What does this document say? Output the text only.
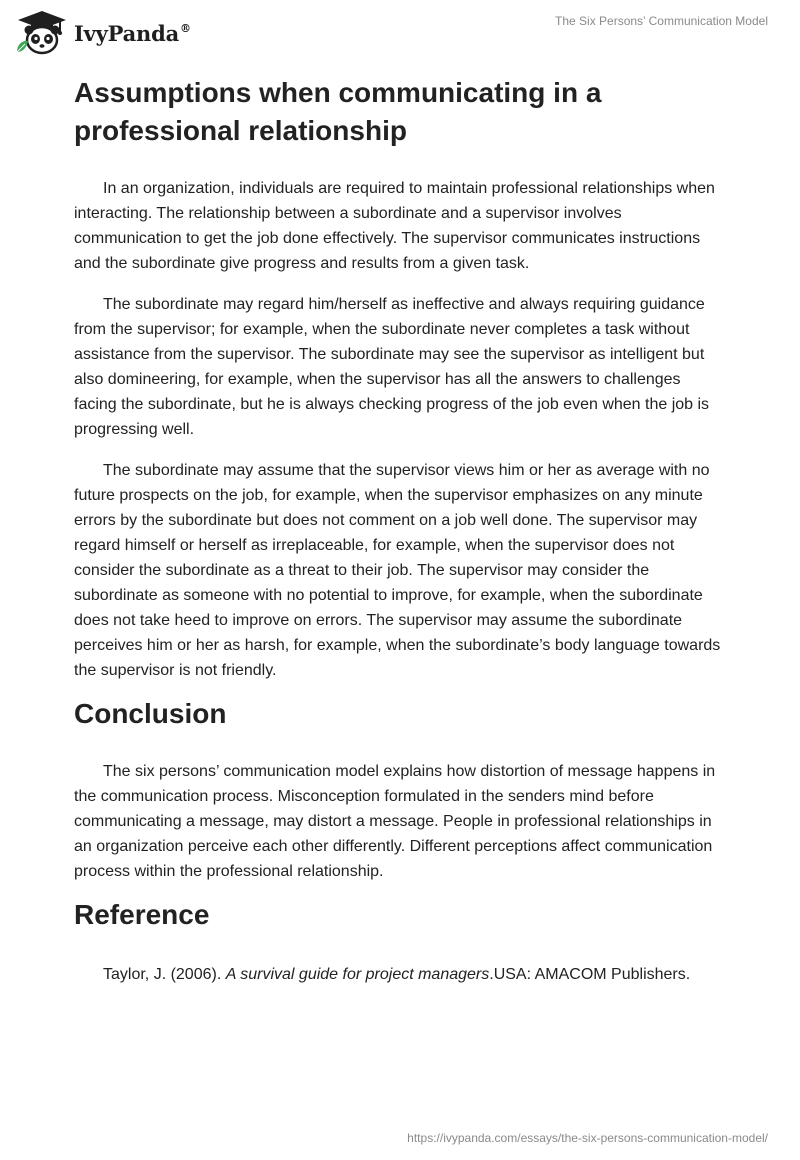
IvyPanda®	The Six Persons’ Communication Model
Assumptions when communicating in a professional relationship

In an organization, individuals are required to maintain professional relationships when interacting. The relationship between a subordinate and a supervisor involves communication to get the job done effectively. The supervisor communicates instructions and the subordinate give progress and results from a given task.

The subordinate may regard him/herself as ineffective and always requiring guidance from the supervisor; for example, when the subordinate never completes a task without assistance from the supervisor. The subordinate may see the supervisor as intelligent but also domineering, for example, when the supervisor has all the answers to challenges facing the subordinate, but he is always checking progress of the job even when the job is progressing well.

The subordinate may assume that the supervisor views him or her as average with no future prospects on the job, for example, when the supervisor emphasizes on any minute errors by the subordinate but does not comment on a job well done. The supervisor may regard himself or herself as irreplaceable, for example, when the supervisor does not consider the subordinate as a threat to their job. The supervisor may consider the subordinate as someone with no potential to improve, for example, when the subordinate does not take heed to improve on errors. The supervisor may assume the subordinate perceives him or her as harsh, for example, when the subordinate’s body language towards the supervisor is not friendly.

Conclusion

The six persons’ communication model explains how distortion of message happens in the communication process. Misconception formulated in the senders mind before communicating a message, may distort a message. People in professional relationships in an organization perceive each other differently. Different perceptions affect communication process within the professional relationship.

Reference

Taylor, J. (2006). A survival guide for project managers.USA: AMACOM Publishers.

https://ivypanda.com/essays/the-six-persons-communication-model/
